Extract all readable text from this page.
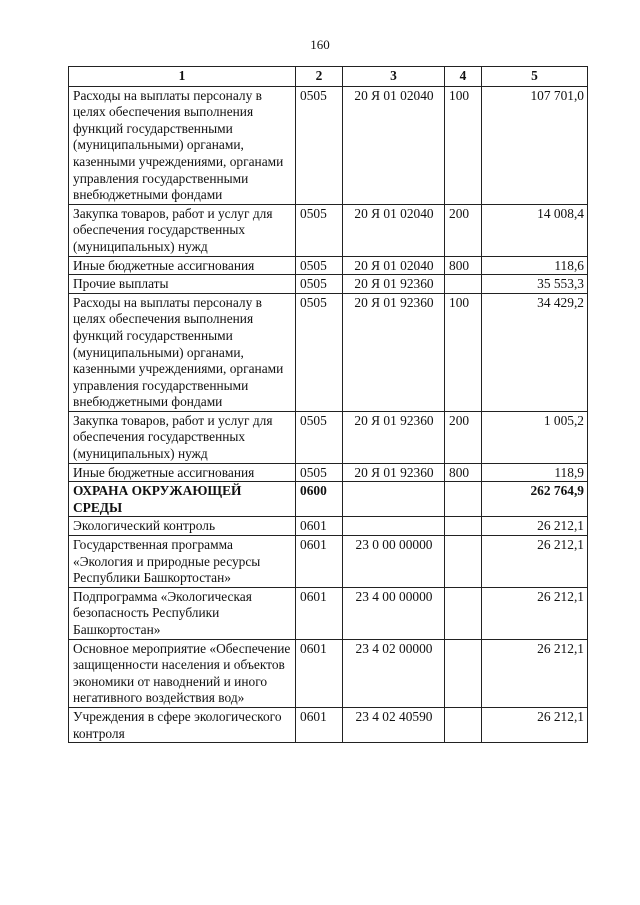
160
1	2	3	4	5
Расходы на выплаты персоналу в целях обеспечения выполнения функций государственными (муниципальными) органами, казенными учреждениями, органами управления государственными внебюджетными фондами	0505	20 Я 01 02040	100	107 701,0
Закупка товаров, работ и услуг для обеспечения государственных (муниципальных) нужд	0505	20 Я 01 02040	200	14 008,4
Иные бюджетные ассигнования	0505	20 Я 01 02040	800	118,6
Прочие выплаты	0505	20 Я 01 92360		35 553,3
Расходы на выплаты персоналу в целях обеспечения выполнения функций государственными (муниципальными) органами, казенными учреждениями, органами управления государственными внебюджетными фондами	0505	20 Я 01 92360	100	34 429,2
Закупка товаров, работ и услуг для обеспечения государственных (муниципальных) нужд	0505	20 Я 01 92360	200	1 005,2
Иные бюджетные ассигнования	0505	20 Я 01 92360	800	118,9
ОХРАНА ОКРУЖАЮЩЕЙ СРЕДЫ	0600			262 764,9
Экологический контроль	0601			26 212,1
Государственная программа «Экология и природные ресурсы Республики Башкортостан»	0601	23 0 00 00000		26 212,1
Подпрограмма «Экологическая безопасность Республики Башкортостан»	0601	23 4 00 00000		26 212,1
Основное мероприятие «Обеспечение защищенности населения и объектов экономики от наводнений и иного негативного воздействия вод»	0601	23 4 02 00000		26 212,1
Учреждения в сфере экологического контроля	0601	23 4 02 40590		26 212,1
